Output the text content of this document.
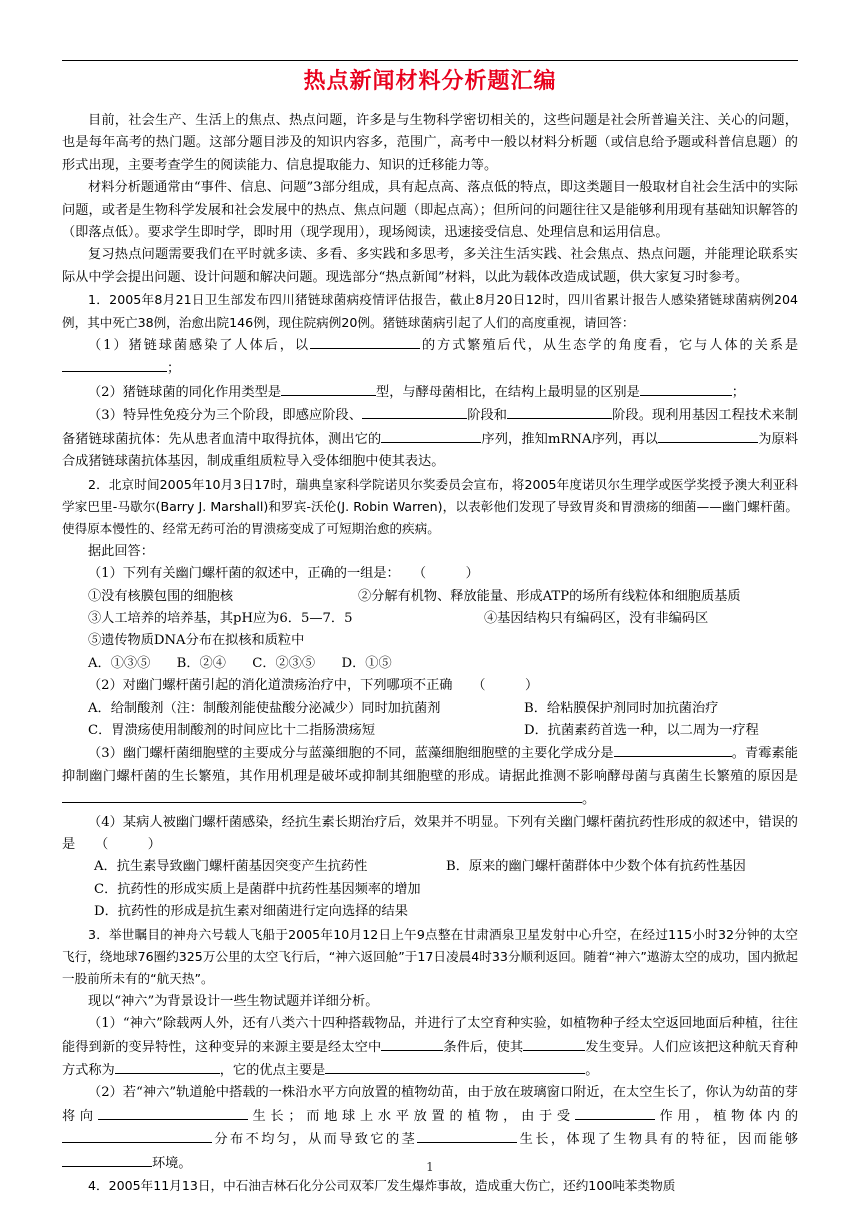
热点新闻材料分析题汇编

目前，社会生产、生活上的焦点、热点问题，许多是与生物科学密切相关的，这些问题是社会所普遍关注、关心的问题，也是每年高考的热门题。这部分题目涉及的知识内容多，范围广，高考中一般以材料分析题（或信息给予题或科普信息题）的形式出现，主要考查学生的阅读能力、信息提取能力、知识的迁移能力等。

材料分析题通常由“事件、信息、问题”3部分组成，具有起点高、落点低的特点，即这类题目一般取材自社会生活中的实际问题，或者是生物科学发展和社会发展中的热点、焦点问题（即起点高）；但所问的问题往往又是能够利用现有基础知识解答的（即落点低）。要求学生即时学，即时用（现学现用），现场阅读，迅速接受信息、处理信息和运用信息。

复习热点问题需要我们在平时就多读、多看、多实践和多思考，多关注生活实践、社会焦点、热点问题，并能理论联系实际从中学会提出问题、设计问题和解决问题。现选部分“热点新闻”材料，以此为载体改造成试题，供大家复习时参考。

1．2005年8月21日卫生部发布四川猪链球菌病疫情评估报告，截止8月20日12时，四川省累计报告人感染猪链球菌病例204例，其中死亡38例，治愈出院146例，现住院病例20例。猪链球菌病引起了人们的高度重视，请回答：

（1）猪链球菌感染了人体后，以	的方式繁殖后代，从生态学的角度看，它与人体的关系是；

（2）猪链球菌的同化作用类型是	型，与酵母菌相比，在结构上最明显的区别是	；

（3）特异性免疫分为三个阶段，即感应阶段、	阶段和	阶段。现利用基因工程技术来制备猪链球菌抗体：先从患者血清中取得抗体，测出它的	序列，推知mRNA序列，再以	为原料合成猪链球菌抗体基因，制成重组质粒导入受体细胞中使其表达。

2．北京时间2005年10月3日17时，瑞典皇家科学院诺贝尔奖委员会宣布，将2005年度诺贝尔生理学或医学奖授予澳大利亚科学家巴里-马歇尔(Barry J. Marshall)和罗宾-沃伦(J. Robin Warren)，以表彰他们发现了导致胃炎和胃溃疡的细菌——幽门螺杆菌。使得原本慢性的、经常无药可治的胃溃疡变成了可短期治愈的疾病。

据此回答：

（1）下列有关幽门螺杆菌的叙述中，正确的一组是：　　（　　　）

①没有核膜包围的细胞核	②分解有机物、释放能量、形成ATP的场所有线粒体和细胞质基质
③人工培养的培养基，其pH应为6．5—7．5	④基因结构只有编码区，没有非编码区

⑤遗传物质DNA分布在拟核和质粒中

A．①③⑤　　B．②④　　C．②③⑤　　D．①⑤

（2）对幽门螺杆菌引起的消化道溃疡治疗中，下列哪项不正确　　（　　　）

A．给制酸剂（注：制酸剂能使盐酸分泌减少）同时加抗菌剂	B．给粘膜保护剂同时加抗菌治疗
C．胃溃疡使用制酸剂的时间应比十二指肠溃疡短	D．抗菌素药首选一种，以二周为一疗程

（3）幽门螺杆菌细胞壁的主要成分与蓝藻细胞的不同，蓝藻细胞细胞壁的主要化学成分是	。青霉素能抑制幽门螺杆菌的生长繁殖，其作用机理是破坏或抑制其细胞壁的形成。请据此推测不影响酵母菌与真菌生长繁殖的原因是。

（4）某病人被幽门螺杆菌感染，经抗生素长期治疗后，效果并不明显。下列有关幽门螺杆菌抗药性形成的叙述中，错误的是　　（　　　）

A．抗生素导致幽门螺杆菌基因突变产生抗药性	B．原来的幽门螺杆菌群体中少数个体有抗药性基因

C．抗药性的形成实质上是菌群中抗药性基因频率的增加

D．抗药性的形成是抗生素对细菌进行定向选择的结果

3．举世瞩目的神舟六号载人飞船于2005年10月12日上午9点整在甘肃酒泉卫星发射中心升空，在经过115小时32分钟的太空飞行，绕地球76圈约325万公里的太空飞行后，“神六返回舱”于17日凌晨4时33分顺利返回。随着“神六”遨游太空的成功，国内掀起一股前所未有的“航天热”。

现以“神六”为背景设计一些生物试题并详细分析。

（1）“神六”除载两人外，还有八类六十四种搭载物品，并进行了太空育种实验，如植物种子经太空返回地面后种植，往往能得到新的变异特性，这种变异的来源主要是经太空中	条件后，使其	发生变异。人们应该把这种航天育种方式称为	，它的优点主要是	。

（2）若“神六”轨道舱中搭载的一株沿水平方向放置的植物幼苗，由于放在玻璃窗口附近，在太空生长了，你认为幼苗的芽将向	生长；而地球上水平放置的植物，由于受	作用，植物体内的分布不均匀，从而导致它的茎	生长，体现了生物具有的特征，因而能够环境。

4．2005年11月13日，中石油吉林石化分公司双苯厂发生爆炸事故，造成重大伤亡，还约100吨苯类物质

1
